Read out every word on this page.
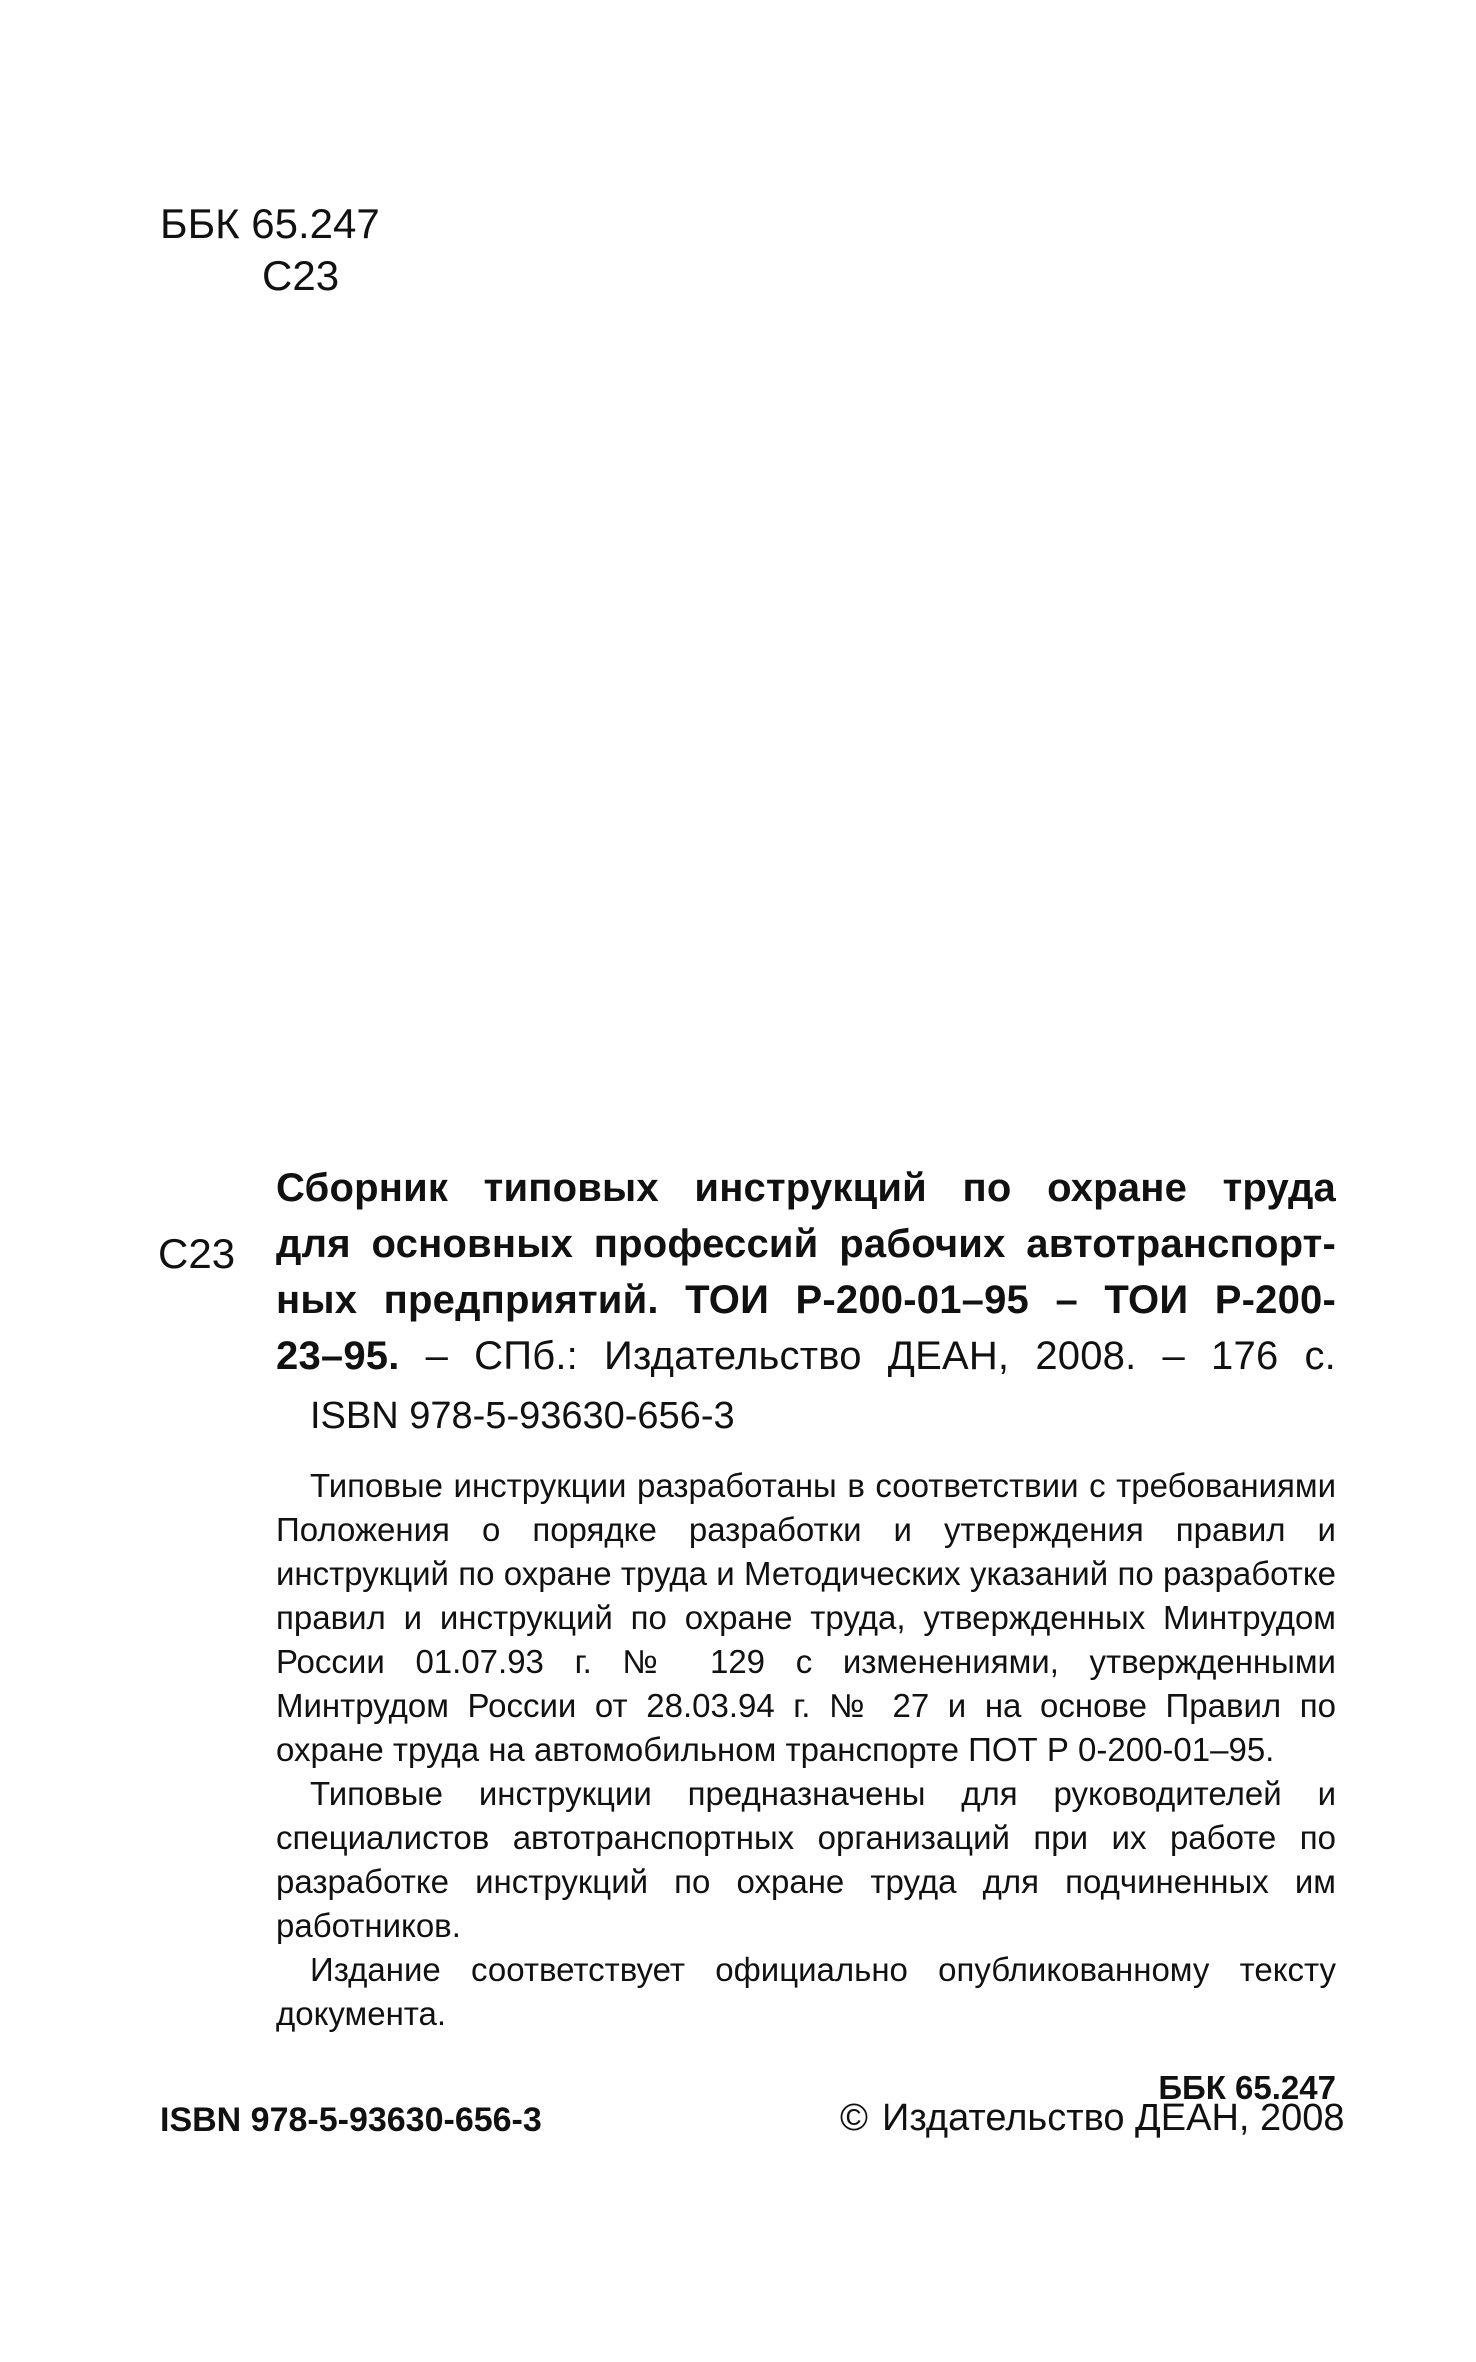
ББК 65.247
С23
С23
Сборник типовых инструкций по охране труда
для основных профессий рабочих автотранспорт-
ных предприятий. ТОИ Р-200-01–95 – ТОИ Р-200-
23–95. – СПб.: Издательство ДЕАН, 2008. – 176 с.
ISBN 978-5-93630-656-3

Типовые инструкции разработаны в соответствии с требованиями Положения о порядке разработки и утверждения правил и инструкций по охране труда и Методических указаний по разработке правил и инструкций по охране труда, утвержденных Минтрудом России 01.07.93 г. № 129 с изменениями, утвержденными Минтрудом России от 28.03.94 г. № 27 и на основе Правил по охране труда на автомобильном транспорте ПОТ Р 0-200-01–95.

Типовые инструкции предназначены для руководителей и специалистов автотранспортных организаций при их работе по разработке инструкций по охране труда для подчиненных им работников.

Издание соответствует официально опубликованному тексту документа.

ББК 65.247
ISBN 978-5-93630-656-3	© Издательство ДЕАН, 2008
